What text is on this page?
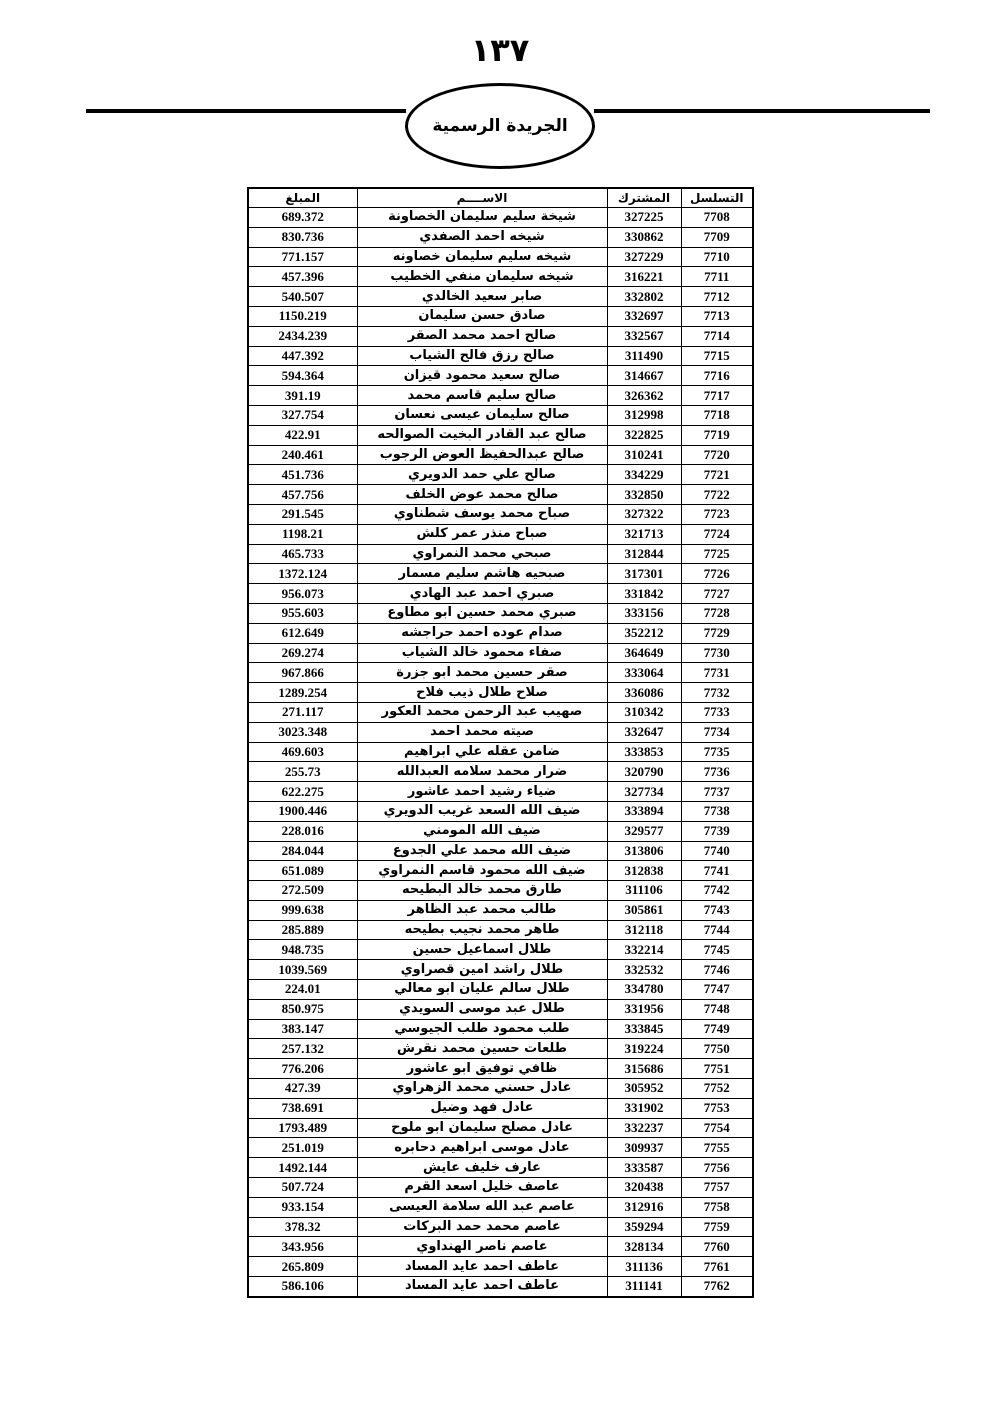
١٣٧
الجريدة الرسمية
التسلسل	المشترك	الاســــم	المبلغ
7708	327225	شيخة سليم سليمان الخصاونة	689.372
7709	330862	شيخه احمد الصفدي	830.736
7710	327229	شيخه سليم سليمان خصاونه	771.157
7711	316221	شيخه سليمان منفي الخطيب	457.396
7712	332802	صابر سعيد الخالدي	540.507
7713	332697	صادق حسن سليمان	1150.219
7714	332567	صالح احمد محمد الصقر	2434.239
7715	311490	صالح رزق فالح الشياب	447.392
7716	314667	صالح سعيد محمود قيزان	594.364
7717	326362	صالح سليم قاسم محمد	391.19
7718	312998	صالح سليمان عيسى نعسان	327.754
7719	322825	صالح عبد القادر البخيت الصوالحه	422.91
7720	310241	صالح عبدالحفيظ العوض الرجوب	240.461
7721	334229	صالح علي حمد الدويري	451.736
7722	332850	صالح محمد عوض الخلف	457.756
7723	327322	صباح محمد يوسف شطناوي	291.545
7724	321713	صباح منذر عمر كلش	1198.21
7725	312844	صبحي محمد النمراوي	465.733
7726	317301	صبحيه هاشم سليم مسمار	1372.124
7727	331842	صبري احمد عبد الهادي	956.073
7728	333156	صبري محمد حسين ابو مطاوع	955.603
7729	352212	صدام عوده احمد حراجشه	612.649
7730	364649	صفاء محمود خالد الشياب	269.274
7731	333064	صقر حسين محمد ابو جزرة	967.866
7732	336086	صلاح طلال ذيب فلاح	1289.254
7733	310342	صهيب عبد الرحمن محمد العكور	271.117
7734	332647	صيته محمد احمد	3023.348
7735	333853	ضامن عقله علي ابراهيم	469.603
7736	320790	ضرار محمد سلامه العبدالله	255.73
7737	327734	ضياء رشيد احمد عاشور	622.275
7738	333894	ضيف الله السعد غريب الدويري	1900.446
7739	329577	ضيف الله المومني	228.016
7740	313806	ضيف الله محمد علي الجدوع	284.044
7741	312838	ضيف الله محمود قاسم النمراوي	651.089
7742	311106	طارق محمد خالد البطيحه	272.509
7743	305861	طالب محمد عبد الظاهر	999.638
7744	312118	طاهر محمد نجيب بطيحه	285.889
7745	332214	طلال اسماعيل حسين	948.735
7746	332532	طلال راشد امين قصراوي	1039.569
7747	334780	طلال سالم عليان ابو معالي	224.01
7748	331956	طلال عبد موسى السويدي	850.975
7749	333845	طلب محمود طلب الجيوسي	383.147
7750	319224	طلعات حسين محمد نقرش	257.132
7751	315686	ظافي توفيق ابو عاشور	776.206
7752	305952	عادل حسني محمد الزهراوي	427.39
7753	331902	عادل فهد وضيل	738.691
7754	332237	عادل مصلح سليمان ابو ملوح	1793.489
7755	309937	عادل موسى ابراهيم دحابره	251.019
7756	333587	عارف خليف عايش	1492.144
7757	320438	عاصف خليل اسعد القرم	507.724
7758	312916	عاصم عبد الله سلامة العيسى	933.154
7759	359294	عاصم محمد حمد البركات	378.32
7760	328134	عاصم ناصر الهنداوي	343.956
7761	311136	عاطف احمد عايد المساد	265.809
7762	311141	عاطف احمد عايد المساد	586.106
